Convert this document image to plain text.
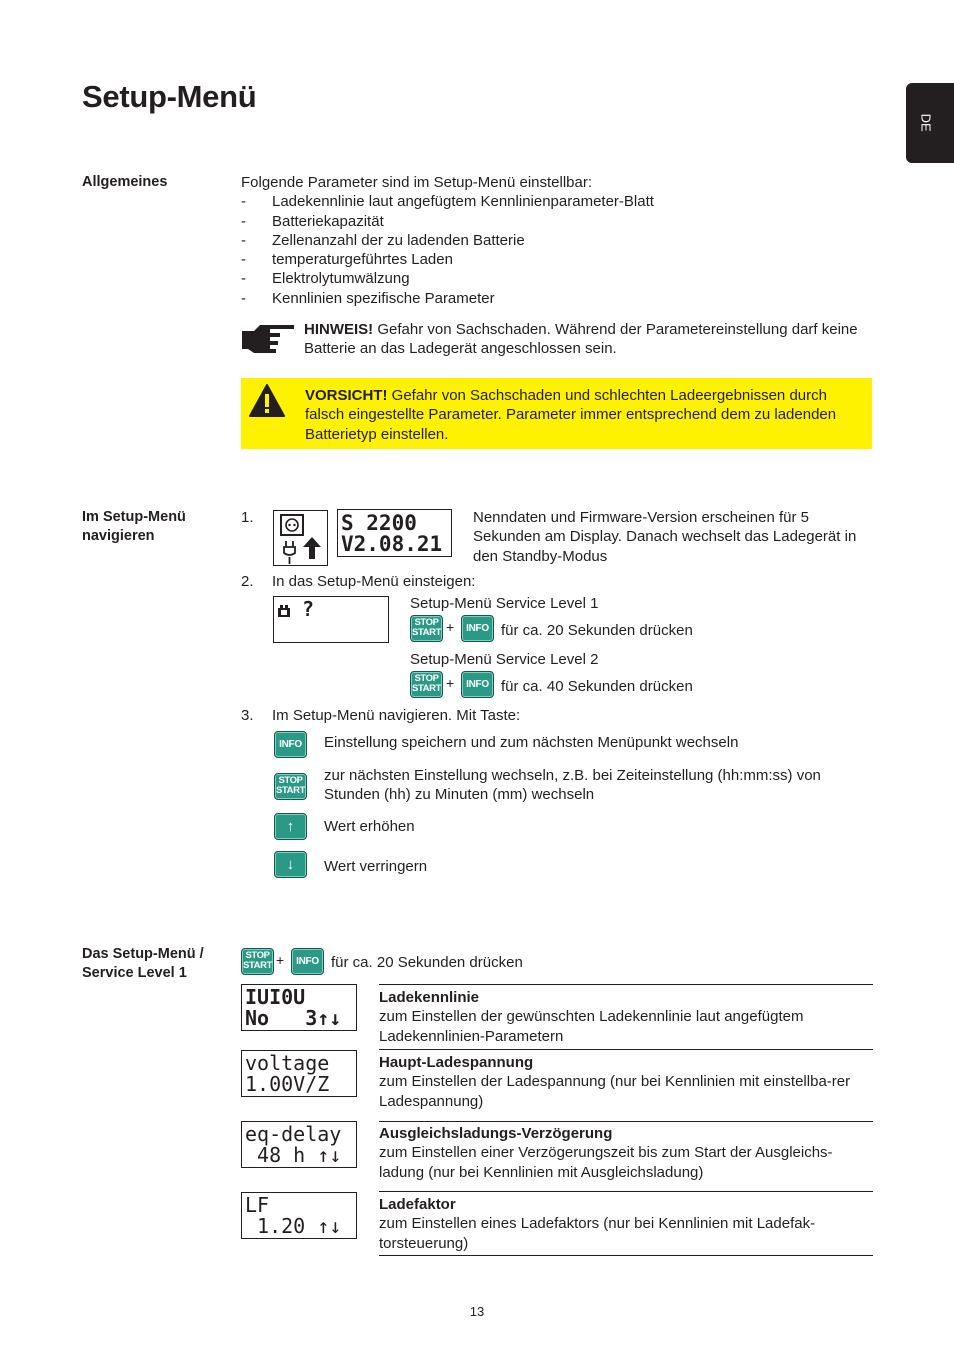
Setup-Menü
DE
Allgemeines	Folgende Parameter sind im Setup-Menü einstellbar:
- Ladekennlinie laut angefügtem Kennlinienparameter-Blatt
- Batteriekapazität
- Zellenanzahl der zu ladenden Batterie
- temperaturgeführtes Laden
- Elektrolytumwälzung
- Kennlinien spezifische Parameter
HINWEIS! Gefahr von Sachschaden. Während der Parametereinstellung darf keine Batterie an das Ladegerät angeschlossen sein.
VORSICHT! Gefahr von Sachschaden und schlechten Ladeergebnissen durch falsch eingestellte Parameter. Parameter immer entsprechend dem zu ladenden Batterietyp einstellen.
Im Setup-Menü
navigieren
1.	S 2200
V2.08.21
Nenndaten und Firmware-Version erscheinen für 5 Sekunden am Display. Danach wechselt das Ladegerät in den Standby-Modus
2. In das Setup-Menü einsteigen:
?	Setup-Menü Service Level 1
STOP
START +	INFO für ca. 20 Sekunden drücken
Setup-Menü Service Level 2
STOP
START +	INFO für ca. 40 Sekunden drücken
3. Im Setup-Menü navigieren. Mit Taste:
INFO	Einstellung speichern und zum nächsten Menüpunkt wechseln
STOP
START
zur nächsten Einstellung wechseln, z.B. bei Zeiteinstellung (hh:mm:ss) von Stunden (hh) zu Minuten (mm) wechseln
↑	Wert erhöhen
↓	Wert verringern
Das Setup-Menü /
Service Level 1
STOP
START +	INFO für ca. 20 Sekunden drücken
IUI0U
No   3↑↓
Ladekennlinie
zum Einstellen der gewünschten Ladekennlinie laut angefügtem Ladekennlinien-Parametern
voltage
1.00V/Z
Haupt-Ladespannung
zum Einstellen der Ladespannung (nur bei Kennlinien mit einstellba-rer Ladespannung)
eq-delay
48 h ↑↓
Ausgleichsladungs-Verzögerung
zum Einstellen einer Verzögerungszeit bis zum Start der Ausgleichs-ladung (nur bei Kennlinien mit Ausgleichsladung)
LF
1.20 ↑↓
Ladefaktor
zum Einstellen eines Ladefaktors (nur bei Kennlinien mit Ladefak-torsteuerung)
13
